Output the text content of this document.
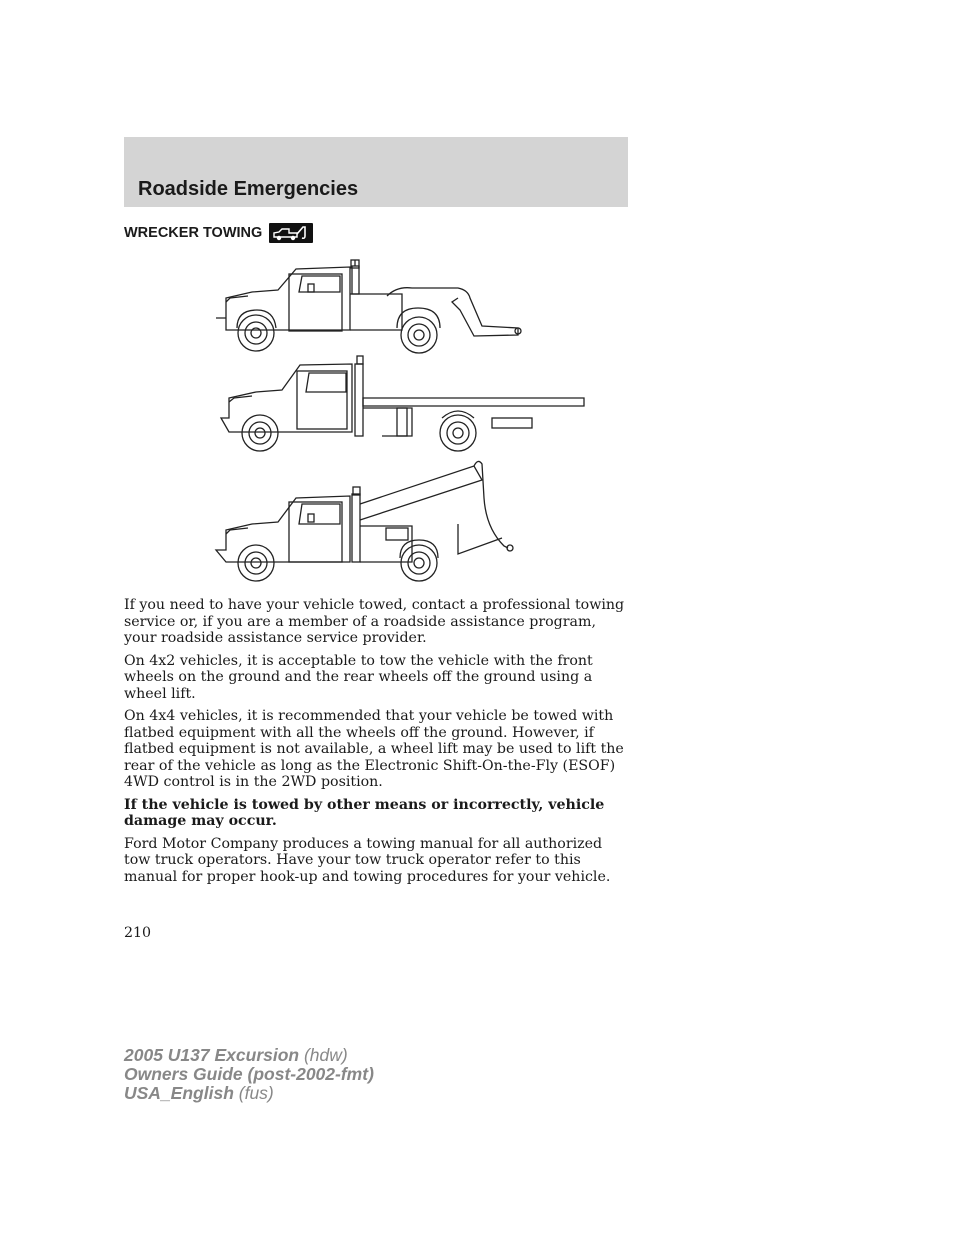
Roadside Emergencies
WRECKER TOWING

If you need to have your vehicle towed, contact a professional towing service or, if you are a member of a roadside assistance program, your roadside assistance service provider.

On 4x2 vehicles, it is acceptable to tow the vehicle with the front wheels on the ground and the rear wheels off the ground using a wheel lift.

On 4x4 vehicles, it is recommended that your vehicle be towed with flatbed equipment with all the wheels off the ground. However, if flatbed equipment is not available, a wheel lift may be used to lift the rear of the vehicle as long as the Electronic Shift-On-the-Fly (ESOF) 4WD control is in the 2WD position.

If the vehicle is towed by other means or incorrectly, vehicle damage may occur.

Ford Motor Company produces a towing manual for all authorized tow truck operators. Have your tow truck operator refer to this manual for proper hook-up and towing procedures for your vehicle.

210
2005 U137 Excursion (hdw)
Owners Guide (post-2002-fmt)
USA_English (fus)
